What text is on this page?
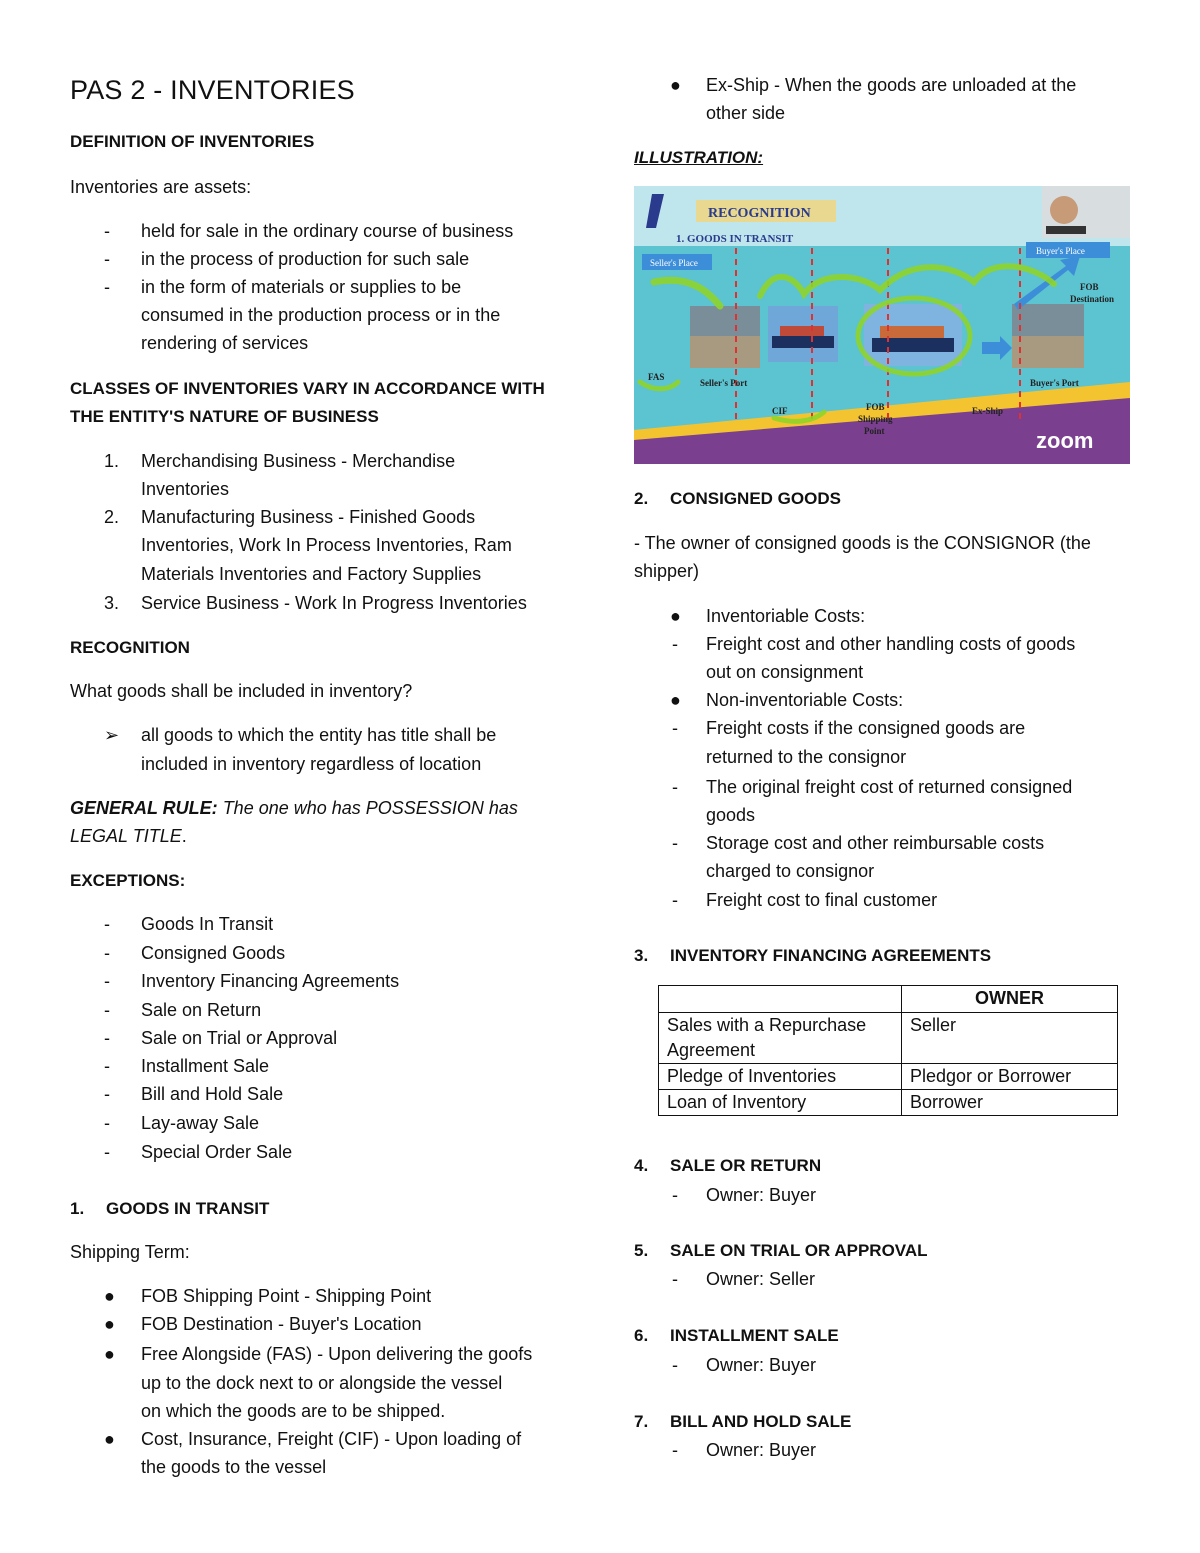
PAS 2 - INVENTORIES
DEFINITION OF INVENTORIES
Inventories are assets:
- held for sale in the ordinary course of business
- in the process of production for such sale
- in the form of materials or supplies to be
consumed in the production process or in the
rendering of services
CLASSES OF INVENTORIES VARY IN ACCORDANCE WITH
THE ENTITY'S NATURE OF BUSINESS
1. Merchandising Business - Merchandise
Inventories
2. Manufacturing Business - Finished Goods
Inventories, Work In Process Inventories, Ram
Materials Inventories and Factory Supplies
3. Service Business - Work In Progress Inventories
RECOGNITION
What goods shall be included in inventory?
➢ all goods to which the entity has title shall be
included in inventory regardless of location
GENERAL RULE: The one who has POSSESSION has
LEGAL TITLE.
EXCEPTIONS:
- Goods In Transit
- Consigned Goods
- Inventory Financing Agreements
- Sale on Return
- Sale on Trial or Approval
- Installment Sale
- Bill and Hold Sale
- Lay-away Sale
- Special Order Sale
1. GOODS IN TRANSIT
Shipping Term:
● FOB Shipping Point - Shipping Point
● FOB Destination - Buyer's Location
● Free Alongside (FAS) - Upon delivering the goofs
up to the dock next to or alongside the vessel
on which the goods are to be shipped.
● Cost, Insurance, Freight (CIF) - Upon loading of
the goods to the vessel
● Ex-Ship - When the goods are unloaded at the
other side
ILLUSTRATION:
RECOGNITION
1. GOODS IN TRANSIT
Seller's Place
Buyer's Place
FOB
Destination
FAS
Seller's Port
CIF	FOB
Shipping
Point
Ex-Ship
Buyer's Port
zoom
2. CONSIGNED GOODS
- The owner of consigned goods is the CONSIGNOR (the
shipper)
● Inventoriable Costs:
- Freight cost and other handling costs of goods
out on consignment
● Non-inventoriable Costs:
- Freight costs if the consigned goods are
returned to the consignor
- The original freight cost of returned consigned
goods
- Storage cost and other reimbursable costs
charged to consignor
- Freight cost to final customer
3. INVENTORY FINANCING AGREEMENTS
	OWNER

Sales with a Repurchase
Agreement	Seller
Pledge of Inventories	Pledgor or Borrower
Loan of Inventory	Borrower
4. SALE OR RETURN
- Owner: Buyer
5. SALE ON TRIAL OR APPROVAL
- Owner: Seller
6. INSTALLMENT SALE
- Owner: Buyer
7. BILL AND HOLD SALE
- Owner: Buyer
